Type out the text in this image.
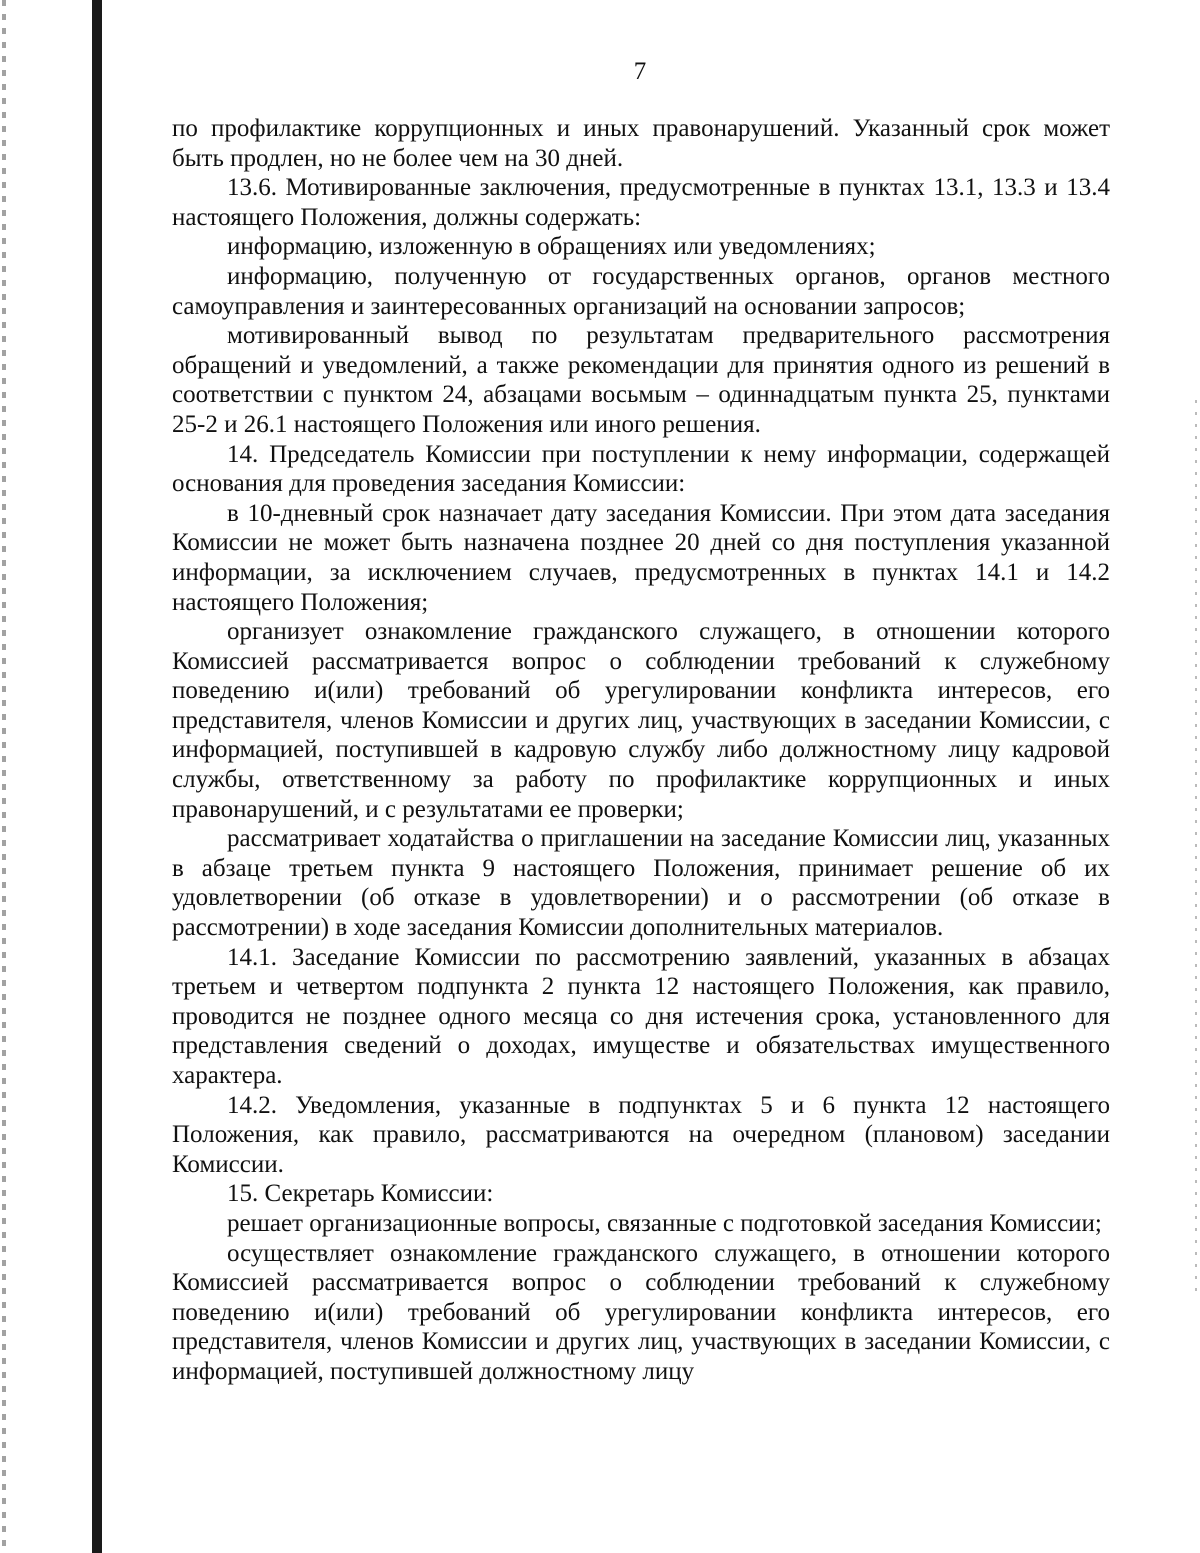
7

по профилактике коррупционных и иных правонарушений. Указанный срок может быть продлен, но не более чем на 30 дней.

13.6. Мотивированные заключения, предусмотренные в пунктах 13.1, 13.3 и 13.4 настоящего Положения, должны содержать:

информацию, изложенную в обращениях или уведомлениях;

информацию, полученную от государственных органов, органов местного самоуправления и заинтересованных организаций на основании запросов;

мотивированный вывод по результатам предварительного рассмотрения обращений и уведомлений, а также рекомендации для принятия одного из решений в соответствии с пунктом 24, абзацами восьмым – одиннадцатым пункта 25, пунктами 25-2 и 26.1 настоящего Положения или иного решения.

14. Председатель Комиссии при поступлении к нему информации, содержащей основания для проведения заседания Комиссии:

в 10-дневный срок назначает дату заседания Комиссии. При этом дата заседания Комиссии не может быть назначена позднее 20 дней со дня поступления указанной информации, за исключением случаев, предусмотренных в пунктах 14.1 и 14.2 настоящего Положения;

организует ознакомление гражданского служащего, в отношении которого Комиссией рассматривается вопрос о соблюдении требований к служебному поведению и(или) требований об урегулировании конфликта интересов, его представителя, членов Комиссии и других лиц, участвующих в заседании Комиссии, с информацией, поступившей в кадровую службу либо должностному лицу кадровой службы, ответственному за работу по профилактике коррупционных и иных правонарушений, и с результатами ее проверки;

рассматривает ходатайства о приглашении на заседание Комиссии лиц, указанных в абзаце третьем пункта 9 настоящего Положения, принимает решение об их удовлетворении (об отказе в удовлетворении) и о рассмотрении (об отказе в рассмотрении) в ходе заседания Комиссии дополнительных материалов.

14.1. Заседание Комиссии по рассмотрению заявлений, указанных в абзацах третьем и четвертом подпункта 2 пункта 12 настоящего Положения, как правило, проводится не позднее одного месяца со дня истечения срока, установленного для представления сведений о доходах, имуществе и обязательствах имущественного характера.

14.2. Уведомления, указанные в подпунктах 5 и 6 пункта 12 настоящего Положения, как правило, рассматриваются на очередном (плановом) заседании Комиссии.

15. Секретарь Комиссии:

решает организационные вопросы, связанные с подготовкой заседания Комиссии;

осуществляет ознакомление гражданского служащего, в отношении которого Комиссией рассматривается вопрос о соблюдении требований к служебному поведению и(или) требований об урегулировании конфликта интересов, его представителя, членов Комиссии и других лиц, участвующих в заседании Комиссии, с информацией, поступившей должностному лицу
